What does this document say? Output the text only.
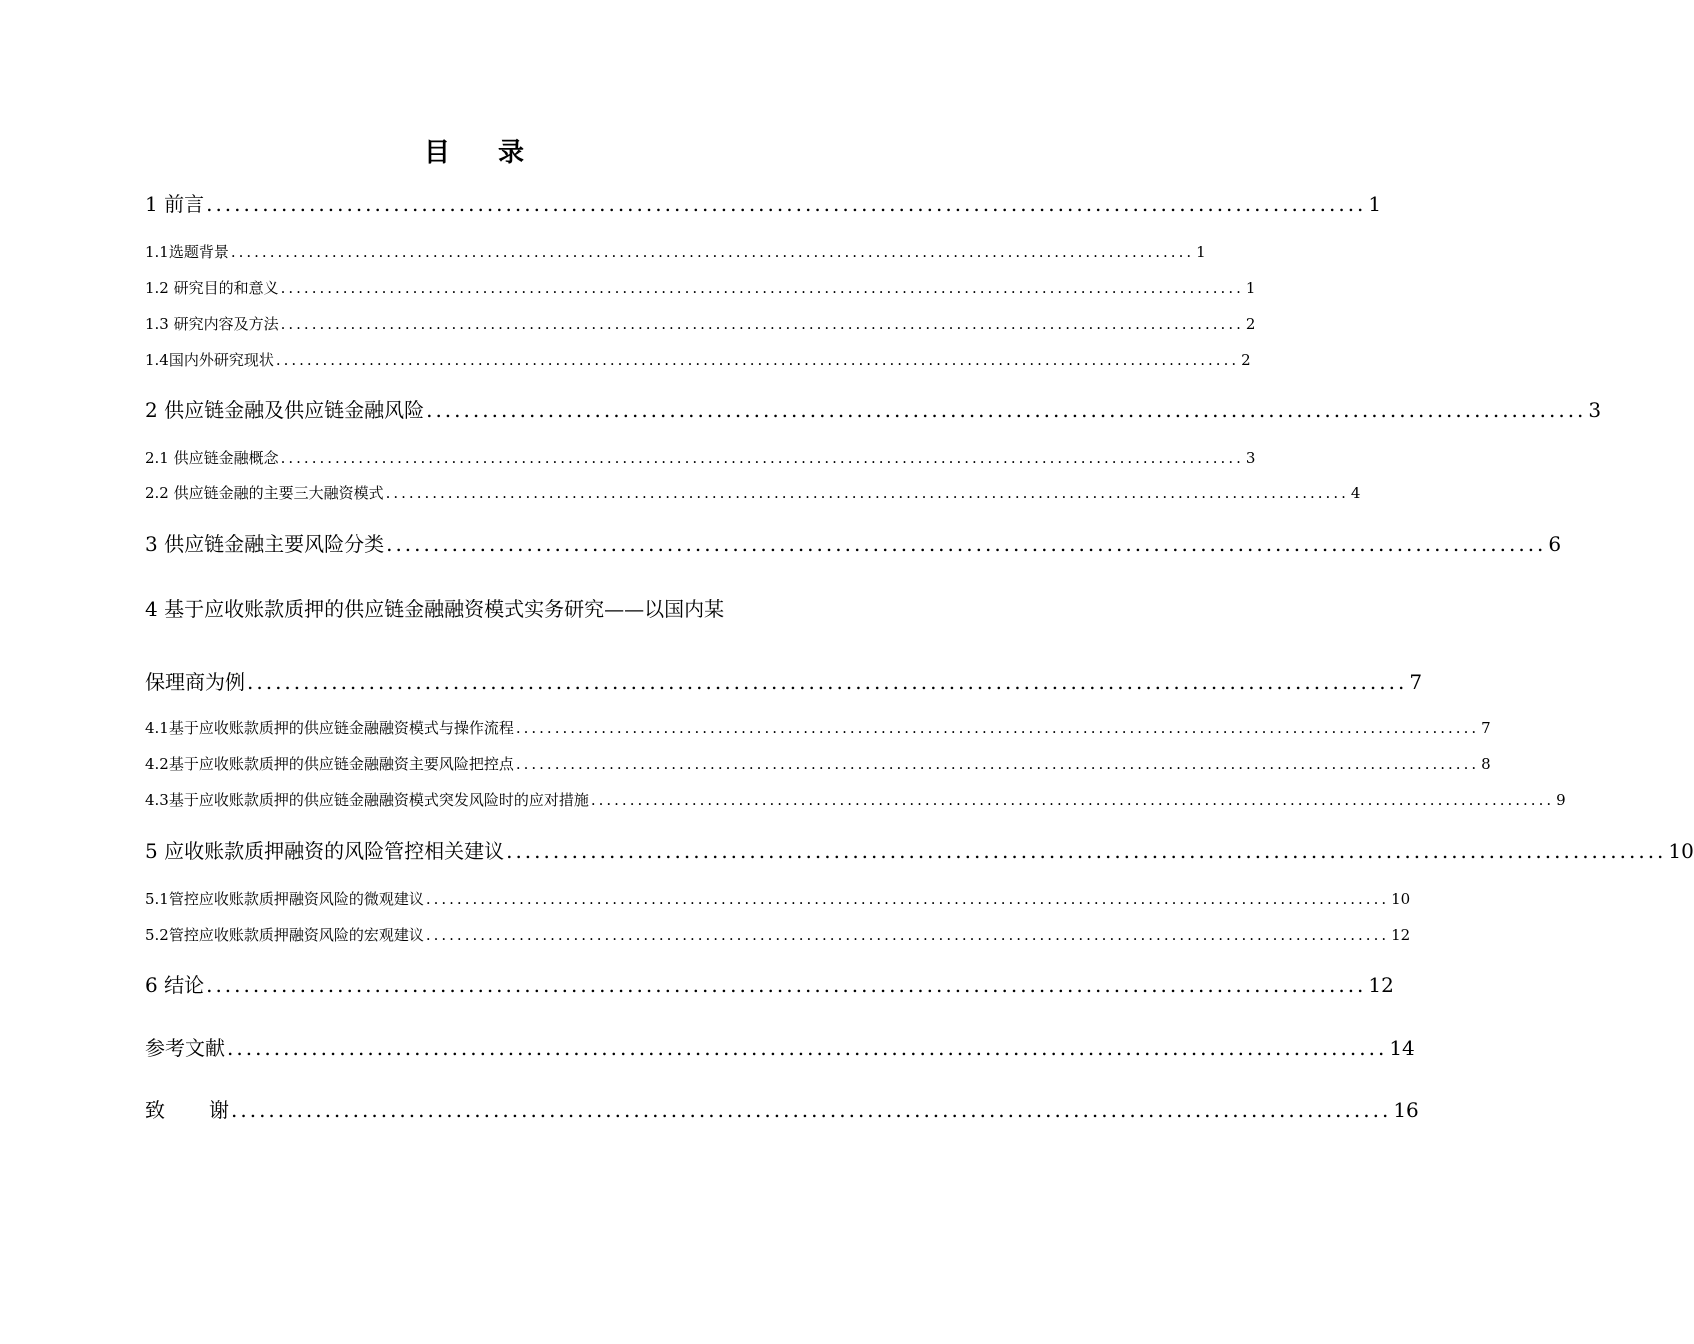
目 录
1 前言 ............................................................................................................................ 1
1.1选题背景 ............................................................................................................................ 1
1.2 研究目的和意义 ............................................................................................................................ 1
1.3 研究内容及方法 ............................................................................................................................ 2
1.4国内外研究现状 ............................................................................................................................ 2
2 供应链金融及供应链金融风险 ............................................................................................................................ 3
2.1 供应链金融概念 ............................................................................................................................ 3
2.2 供应链金融的主要三大融资模式 ............................................................................................................................ 4
3 供应链金融主要风险分类 ............................................................................................................................ 6
4 基于应收账款质押的供应链金融融资模式实务研究——以国内某
保理商为例 ............................................................................................................................ 7
4.1基于应收账款质押的供应链金融融资模式与操作流程 ............................................................................................................................ 7
4.2基于应收账款质押的供应链金融融资主要风险把控点 ............................................................................................................................ 8
4.3基于应收账款质押的供应链金融融资模式突发风险时的应对措施 ............................................................................................................................ 9
5 应收账款质押融资的风险管控相关建议 ............................................................................................................................ 10
5.1管控应收账款质押融资风险的微观建议 ............................................................................................................................ 10
5.2管控应收账款质押融资风险的宏观建议 ............................................................................................................................ 12
6 结论 ............................................................................................................................ 12
参考文献 ............................................................................................................................ 14
致 谢 ............................................................................................................................ 16
